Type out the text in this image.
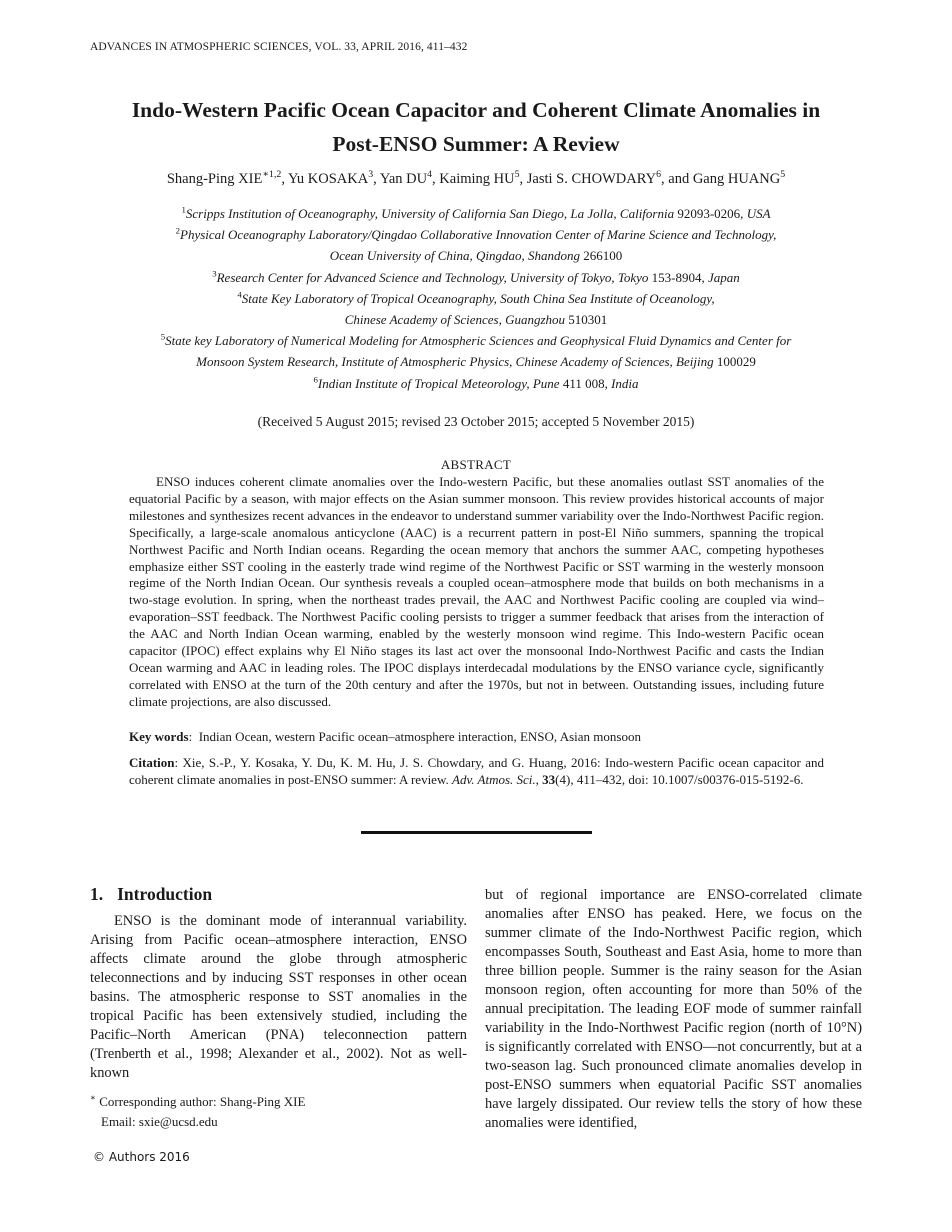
ADVANCES IN ATMOSPHERIC SCIENCES, VOL. 33, APRIL 2016, 411–432
Indo-Western Pacific Ocean Capacitor and Coherent Climate Anomalies in
Post-ENSO Summer: A Review
Shang-Ping $XIE^{∗1,2}$, Yu KOSAKA$^3$, Yan $DU^4$, Kaiming $HU^5$, Jasti S. CHOWDARY$^6$, and Gang HUANG$^5$
$^1$Scripps Institution of Oceanography, University of California San Diego, La Jolla, California 92093-0206, USA
$^2$Physical Oceanography Laboratory/Qingdao Collaborative Innovation Center of Marine Science and Technology,
Ocean University of China, Qingdao, Shandong 266100
$^3$Research Center for Advanced Science and Technology, University of Tokyo, Tokyo 153-8904, Japan
$^4$State Key Laboratory of Tropical Oceanography, South China Sea Institute of Oceanology,
Chinese Academy of Sciences, Guangzhou 510301
$^5$State key Laboratory of Numerical Modeling for Atmospheric Sciences and Geophysical Fluid Dynamics and Center for
Monsoon System Research, Institute of Atmospheric Physics, Chinese Academy of Sciences, Beijing 100029
$^6$Indian Institute of Tropical Meteorology, Pune 411 008, India
(Received 5 August 2015; revised 23 October 2015; accepted 5 November 2015)
ABSTRACT

ENSO induces coherent climate anomalies over the Indo-western Pacific, but these anomalies outlast SST anomalies of the equatorial Pacific by a season, with major effects on the Asian summer monsoon. This review provides historical accounts of major milestones and synthesizes recent advances in the endeavor to understand summer variability over the Indo-Northwest Pacific region. Specifically, a large-scale anomalous anticyclone (AAC) is a recurrent pattern in post-El Niño summers, spanning the tropical Northwest Pacific and North Indian oceans. Regarding the ocean memory that anchors the summer AAC, competing hypotheses emphasize either SST cooling in the easterly trade wind regime of the Northwest Pacific or SST warming in the westerly monsoon regime of the North Indian Ocean. Our synthesis reveals a coupled ocean–atmosphere mode that builds on both mechanisms in a two-stage evolution. In spring, when the northeast trades prevail, the AAC and Northwest Pacific cooling are coupled via wind–evaporation–SST feedback. The Northwest Pacific cooling persists to trigger a summer feedback that arises from the interaction of the AAC and North Indian Ocean warming, enabled by the westerly monsoon wind regime. This Indo-western Pacific ocean capacitor (IPOC) effect explains why El Niño stages its last act over the monsoonal Indo-Northwest Pacific and casts the Indian Ocean warming and AAC in leading roles. The IPOC displays interdecadal modulations by the ENSO variance cycle, significantly correlated with ENSO at the turn of the 20th century and after the 1970s, but not in between. Outstanding issues, including future climate projections, are also discussed.

Key words:  Indian Ocean, western Pacific ocean–atmosphere interaction, ENSO, Asian monsoon
Citation: Xie, S.-P., Y. Kosaka, Y. Du, K. M. Hu, J. S. Chowdary, and G. Huang, 2016: Indo-western Pacific ocean capacitor and coherent climate anomalies in post-ENSO summer: A review. Adv. Atmos. Sci., 33(4), 411–432, doi: 10.1007/s00376-015-5192-6.
1. Introduction

ENSO is the dominant mode of interannual variability. Arising from Pacific ocean–atmosphere interaction, ENSO affects climate around the globe through atmospheric teleconnections and by inducing SST responses in other ocean basins. The atmospheric response to SST anomalies in the tropical Pacific has been extensively studied, including the Pacific–North American (PNA) teleconnection pattern (Trenberth et al., 1998; Alexander et al., 2002). Not as well-known

but of regional importance are ENSO-correlated climate anomalies after ENSO has peaked. Here, we focus on the summer climate of the Indo-Northwest Pacific region, which encompasses South, Southeast and East Asia, home to more than three billion people. Summer is the rainy season for the Asian monsoon region, often accounting for more than 50% of the annual precipitation. The leading EOF mode of summer rainfall variability in the Indo-Northwest Pacific region (north of 10°N) is significantly correlated with ENSO—not concurrently, but at a two-season lag. Such pronounced climate anomalies develop in post-ENSO summers when equatorial Pacific SST anomalies have largely dissipated. Our review tells the story of how these anomalies were identified,

∗ Corresponding author: Shang-Ping XIE
Email: sxie@ucsd.edu
© Authors 2016
